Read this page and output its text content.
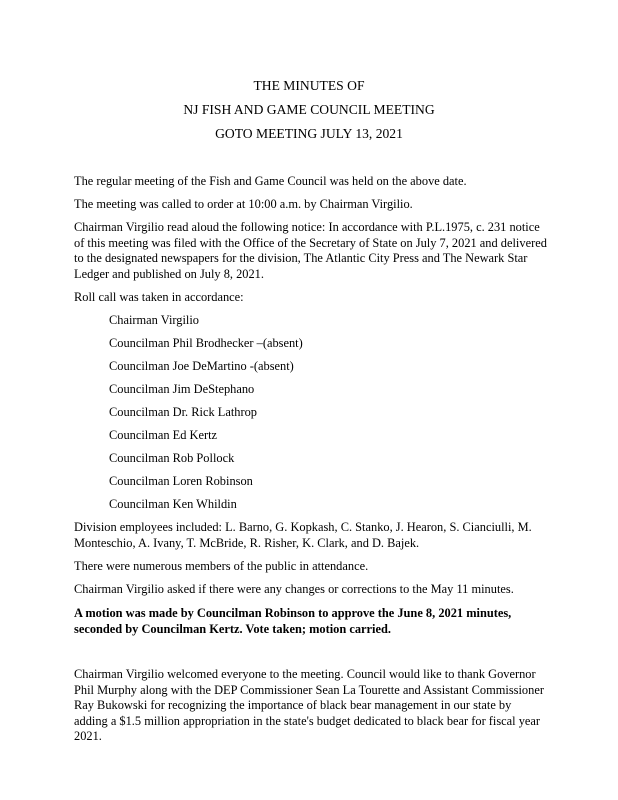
THE MINUTES OF
NJ FISH AND GAME COUNCIL MEETING
GOTO MEETING JULY 13, 2021
The regular meeting of the Fish and Game Council was held on the above date.
The meeting was called to order at 10:00 a.m. by Chairman Virgilio.
Chairman Virgilio read aloud the following notice: In accordance with P.L.1975, c. 231 notice of this meeting was filed with the Office of the Secretary of State on July 7, 2021 and delivered to the designated newspapers for the division, The Atlantic City Press and The Newark Star Ledger and published on July 8, 2021.
Roll call was taken in accordance:
Chairman Virgilio
Councilman Phil Brodhecker –(absent)
Councilman Joe DeMartino -(absent)
Councilman Jim DeStephano
Councilman Dr. Rick Lathrop
Councilman Ed Kertz
Councilman Rob Pollock
Councilman Loren Robinson
Councilman Ken Whildin
Division employees included: L. Barno, G. Kopkash, C. Stanko, J. Hearon, S. Cianciulli, M. Monteschio, A. Ivany, T. McBride, R. Risher, K. Clark, and D. Bajek.
There were numerous members of the public in attendance.
Chairman Virgilio asked if there were any changes or corrections to the May 11 minutes.
A motion was made by Councilman Robinson to approve the June 8, 2021 minutes, seconded by Councilman Kertz. Vote taken; motion carried.
Chairman Virgilio welcomed everyone to the meeting. Council would like to thank Governor Phil Murphy along with the DEP Commissioner Sean La Tourette and Assistant Commissioner Ray Bukowski for recognizing the importance of black bear management in our state by adding a $1.5 million appropriation in the state's budget dedicated to black bear for fiscal year 2021.
